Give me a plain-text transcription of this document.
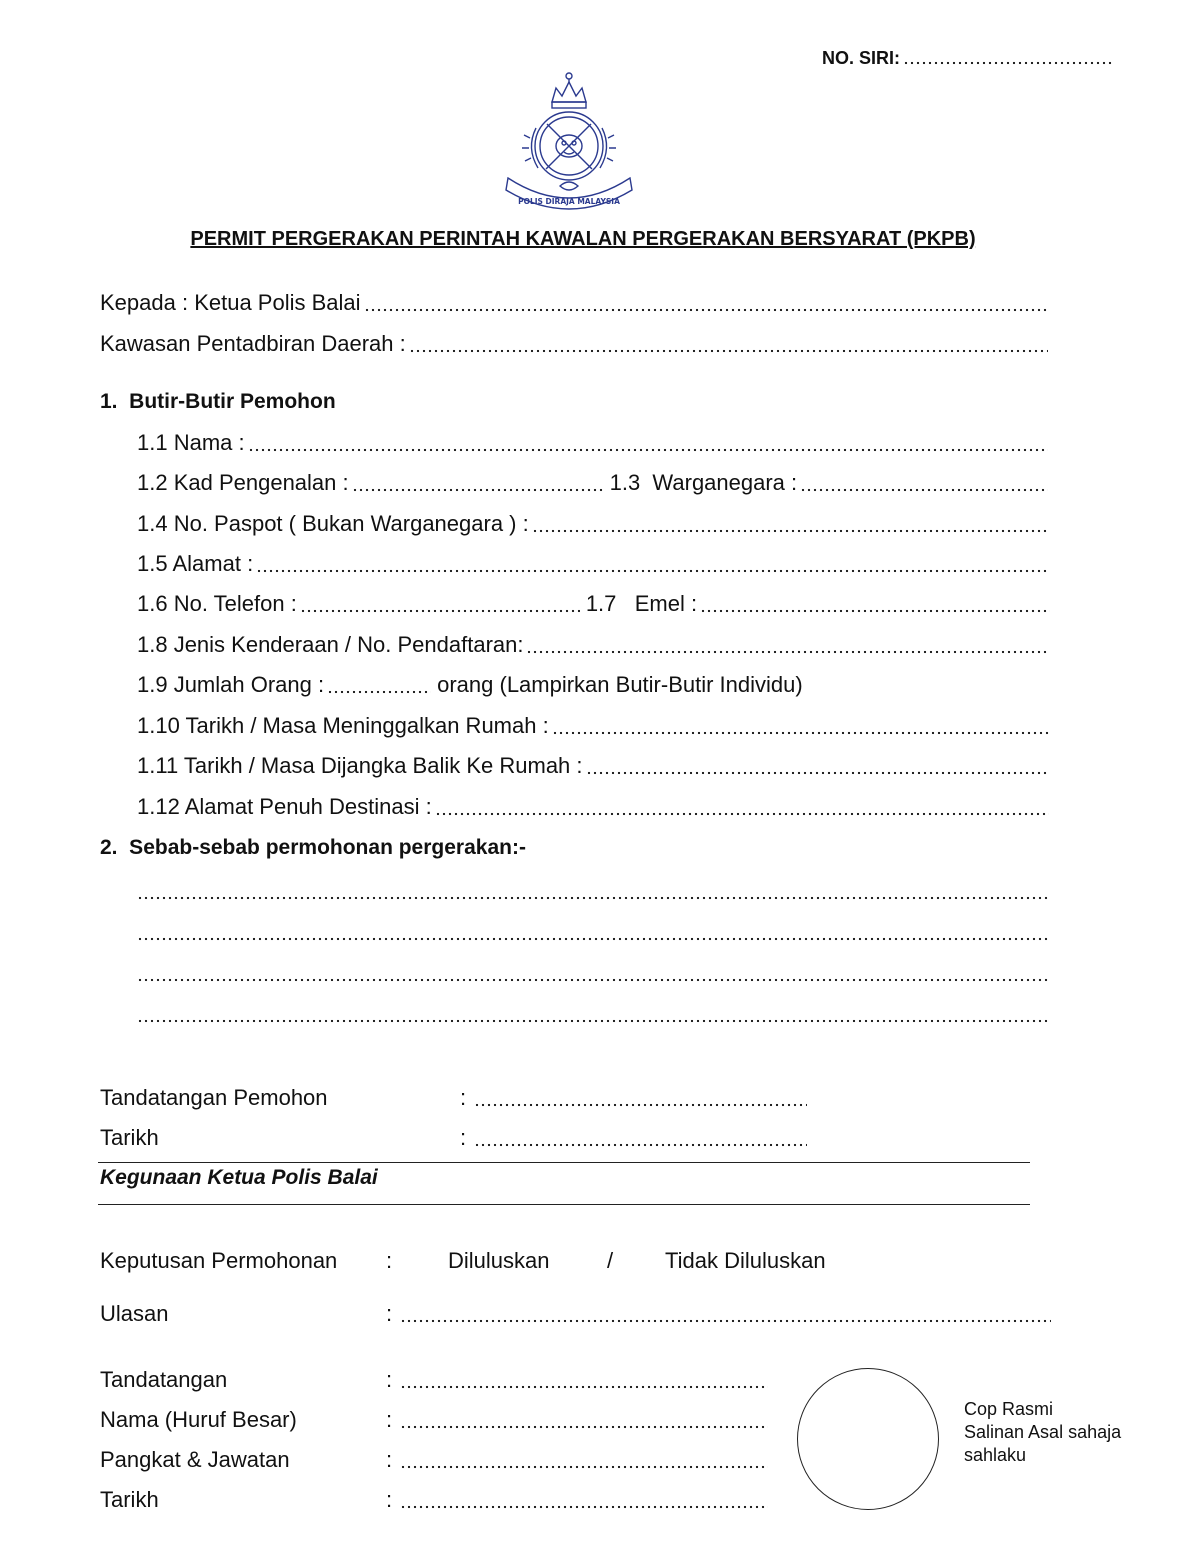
NO. SIRI:
POLIS DIRAJA MALAYSIA
PERMIT PERGERAKAN PERINTAH KAWALAN PERGERAKAN BERSYARAT (PKPB)
Kepada : Ketua Polis Balai
Kawasan Pentadbiran Daerah :
1.  Butir-Butir Pemohon
1.1 Nama :
1.2 Kad Pengenalan :	1.3  Warganegara :
1.4 No. Paspot ( Bukan Warganegara ) :
1.5 Alamat :
1.6 No. Telefon :	1.7   Emel :
1.8 Jenis Kenderaan / No. Pendaftaran:
1.9 Jumlah Orang :	orang (Lampirkan Butir-Butir Individu)
1.10 Tarikh / Masa Meninggalkan Rumah :
1.11 Tarikh / Masa Dijangka Balik Ke Rumah :
1.12 Alamat Penuh Destinasi :
2.  Sebab-sebab permohonan pergerakan:-
Tandatangan Pemohon	:
Tarikh	:
Kegunaan Ketua Polis Balai
Keputusan Permohonan :	Diluluskan	/ Tidak Diluluskan
Ulasan	:
Tandatangan	:
Nama (Huruf Besar)	:
Pangkat & Jawatan	:
Tarikh	:
Cop Rasmi
Salinan Asal sahaja
sahlaku
